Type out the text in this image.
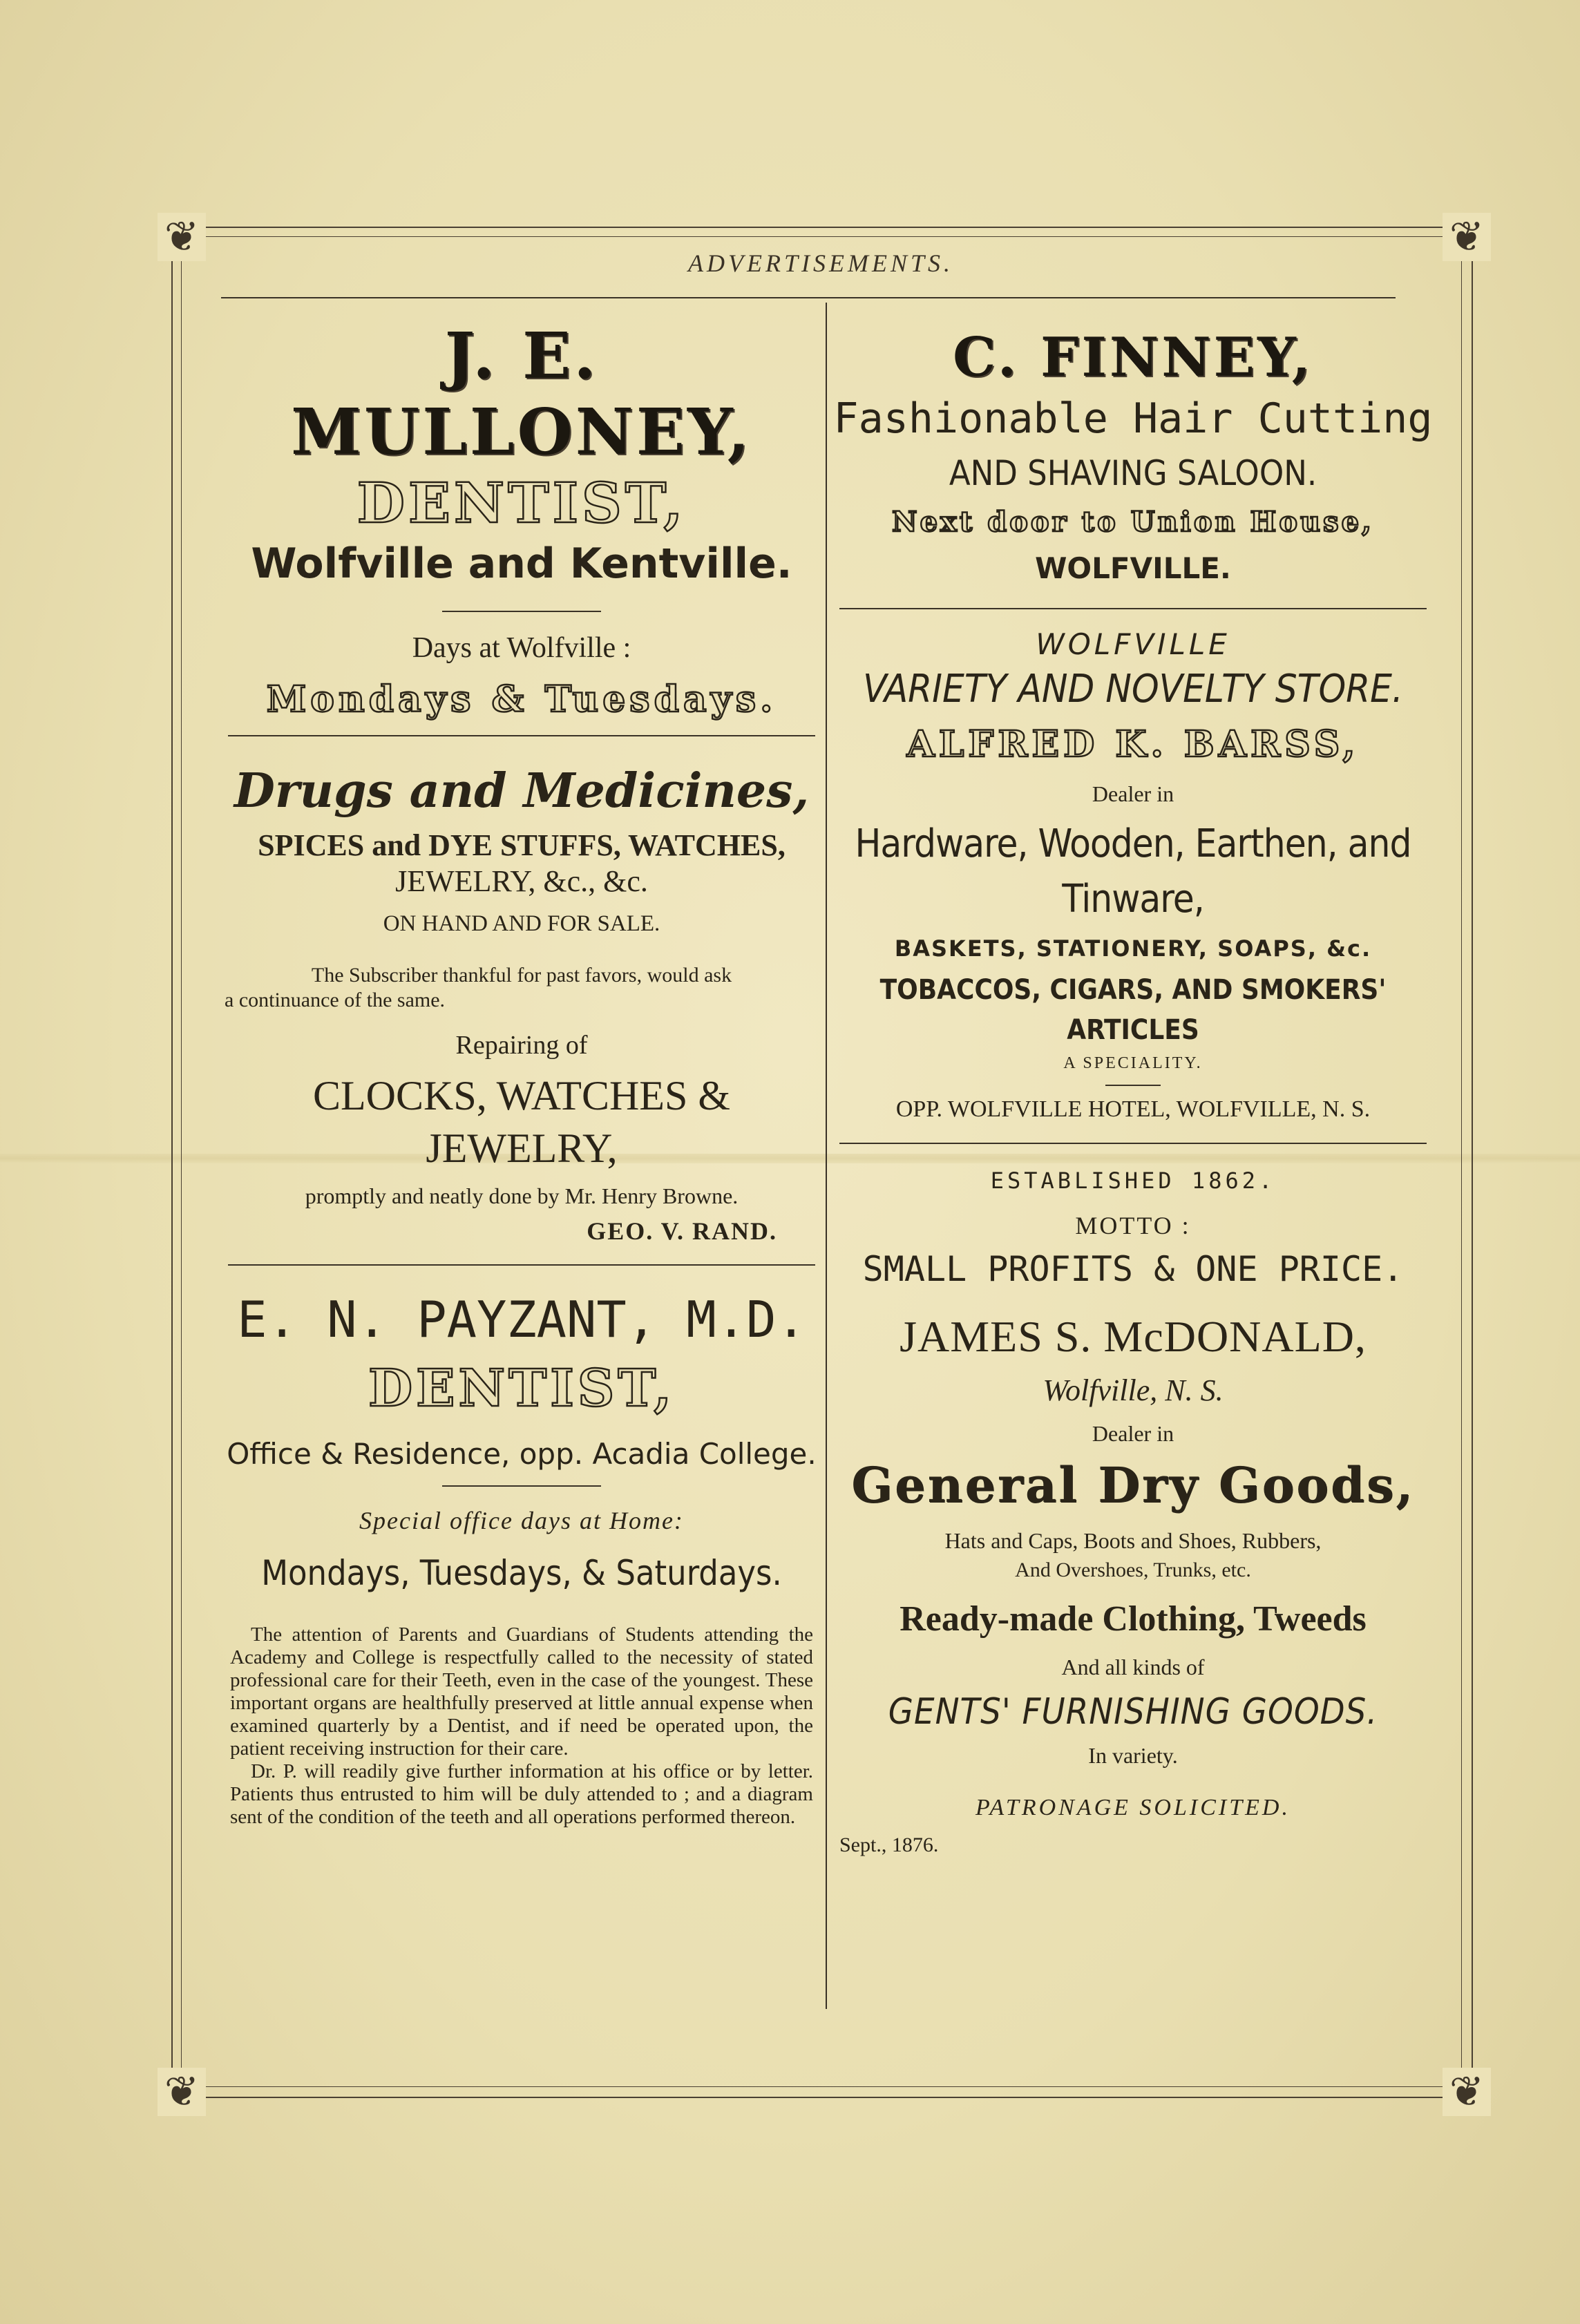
❦	❦
❦	❦
ADVERTISEMENTS.
J. E. MULLONEY,
DENTIST,
Wolfville and Kentville.
Days at Wolfville :
Mondays & Tuesdays.
Drugs and Medicines,
SPICES and DYE STUFFS, WATCHES,
JEWELRY, &c., &c.
ON HAND AND FOR SALE.
The Subscriber thankful for past favors, would ask
a continuance of the same.
Repairing of
CLOCKS, WATCHES & JEWELRY,
promptly and neatly done by Mr. Henry Browne.
GEO. V. RAND.
E. N. PAYZANT, M.D.
DENTIST,
Office & Residence, opp. Acadia College.
Special office days at Home:
Mondays, Tuesdays, & Saturdays.
The attention of Parents and Guardians of Students attending the Academy and College is respectfully called to the necessity of stated professional care for their Teeth, even in the case of the youngest. These important organs are healthfully preserved at little annual expense when examined quarterly by a Dentist, and if need be operated upon, the patient receiving instruction for their care.
Dr. P. will readily give further information at his office or by letter. Patients thus entrusted to him will be duly attended to ; and a diagram sent of the condition of the teeth and all operations performed thereon.
C. FINNEY,
Fashionable Hair Cutting
AND SHAVING SALOON.
Next door to Union House,
WOLFVILLE.
WOLFVILLE
VARIETY AND NOVELTY STORE.
ALFRED K. BARSS,
Dealer in
Hardware, Wooden, Earthen, and Tinware,
BASKETS, STATIONERY, SOAPS, &c.
TOBACCOS, CIGARS, AND SMOKERS' ARTICLES
A SPECIALITY.
OPP. WOLFVILLE HOTEL, WOLFVILLE, N. S.
ESTABLISHED 1862.
MOTTO :
SMALL PROFITS & ONE PRICE.
JAMES S. McDONALD,
Wolfville, N. S.
Dealer in
General Dry Goods,
Hats and Caps, Boots and Shoes, Rubbers,
And Overshoes, Trunks, etc.
Ready-made Clothing, Tweeds
And all kinds of
GENTS' FURNISHING GOODS.
In variety.
PATRONAGE SOLICITED.
Sept., 1876.
